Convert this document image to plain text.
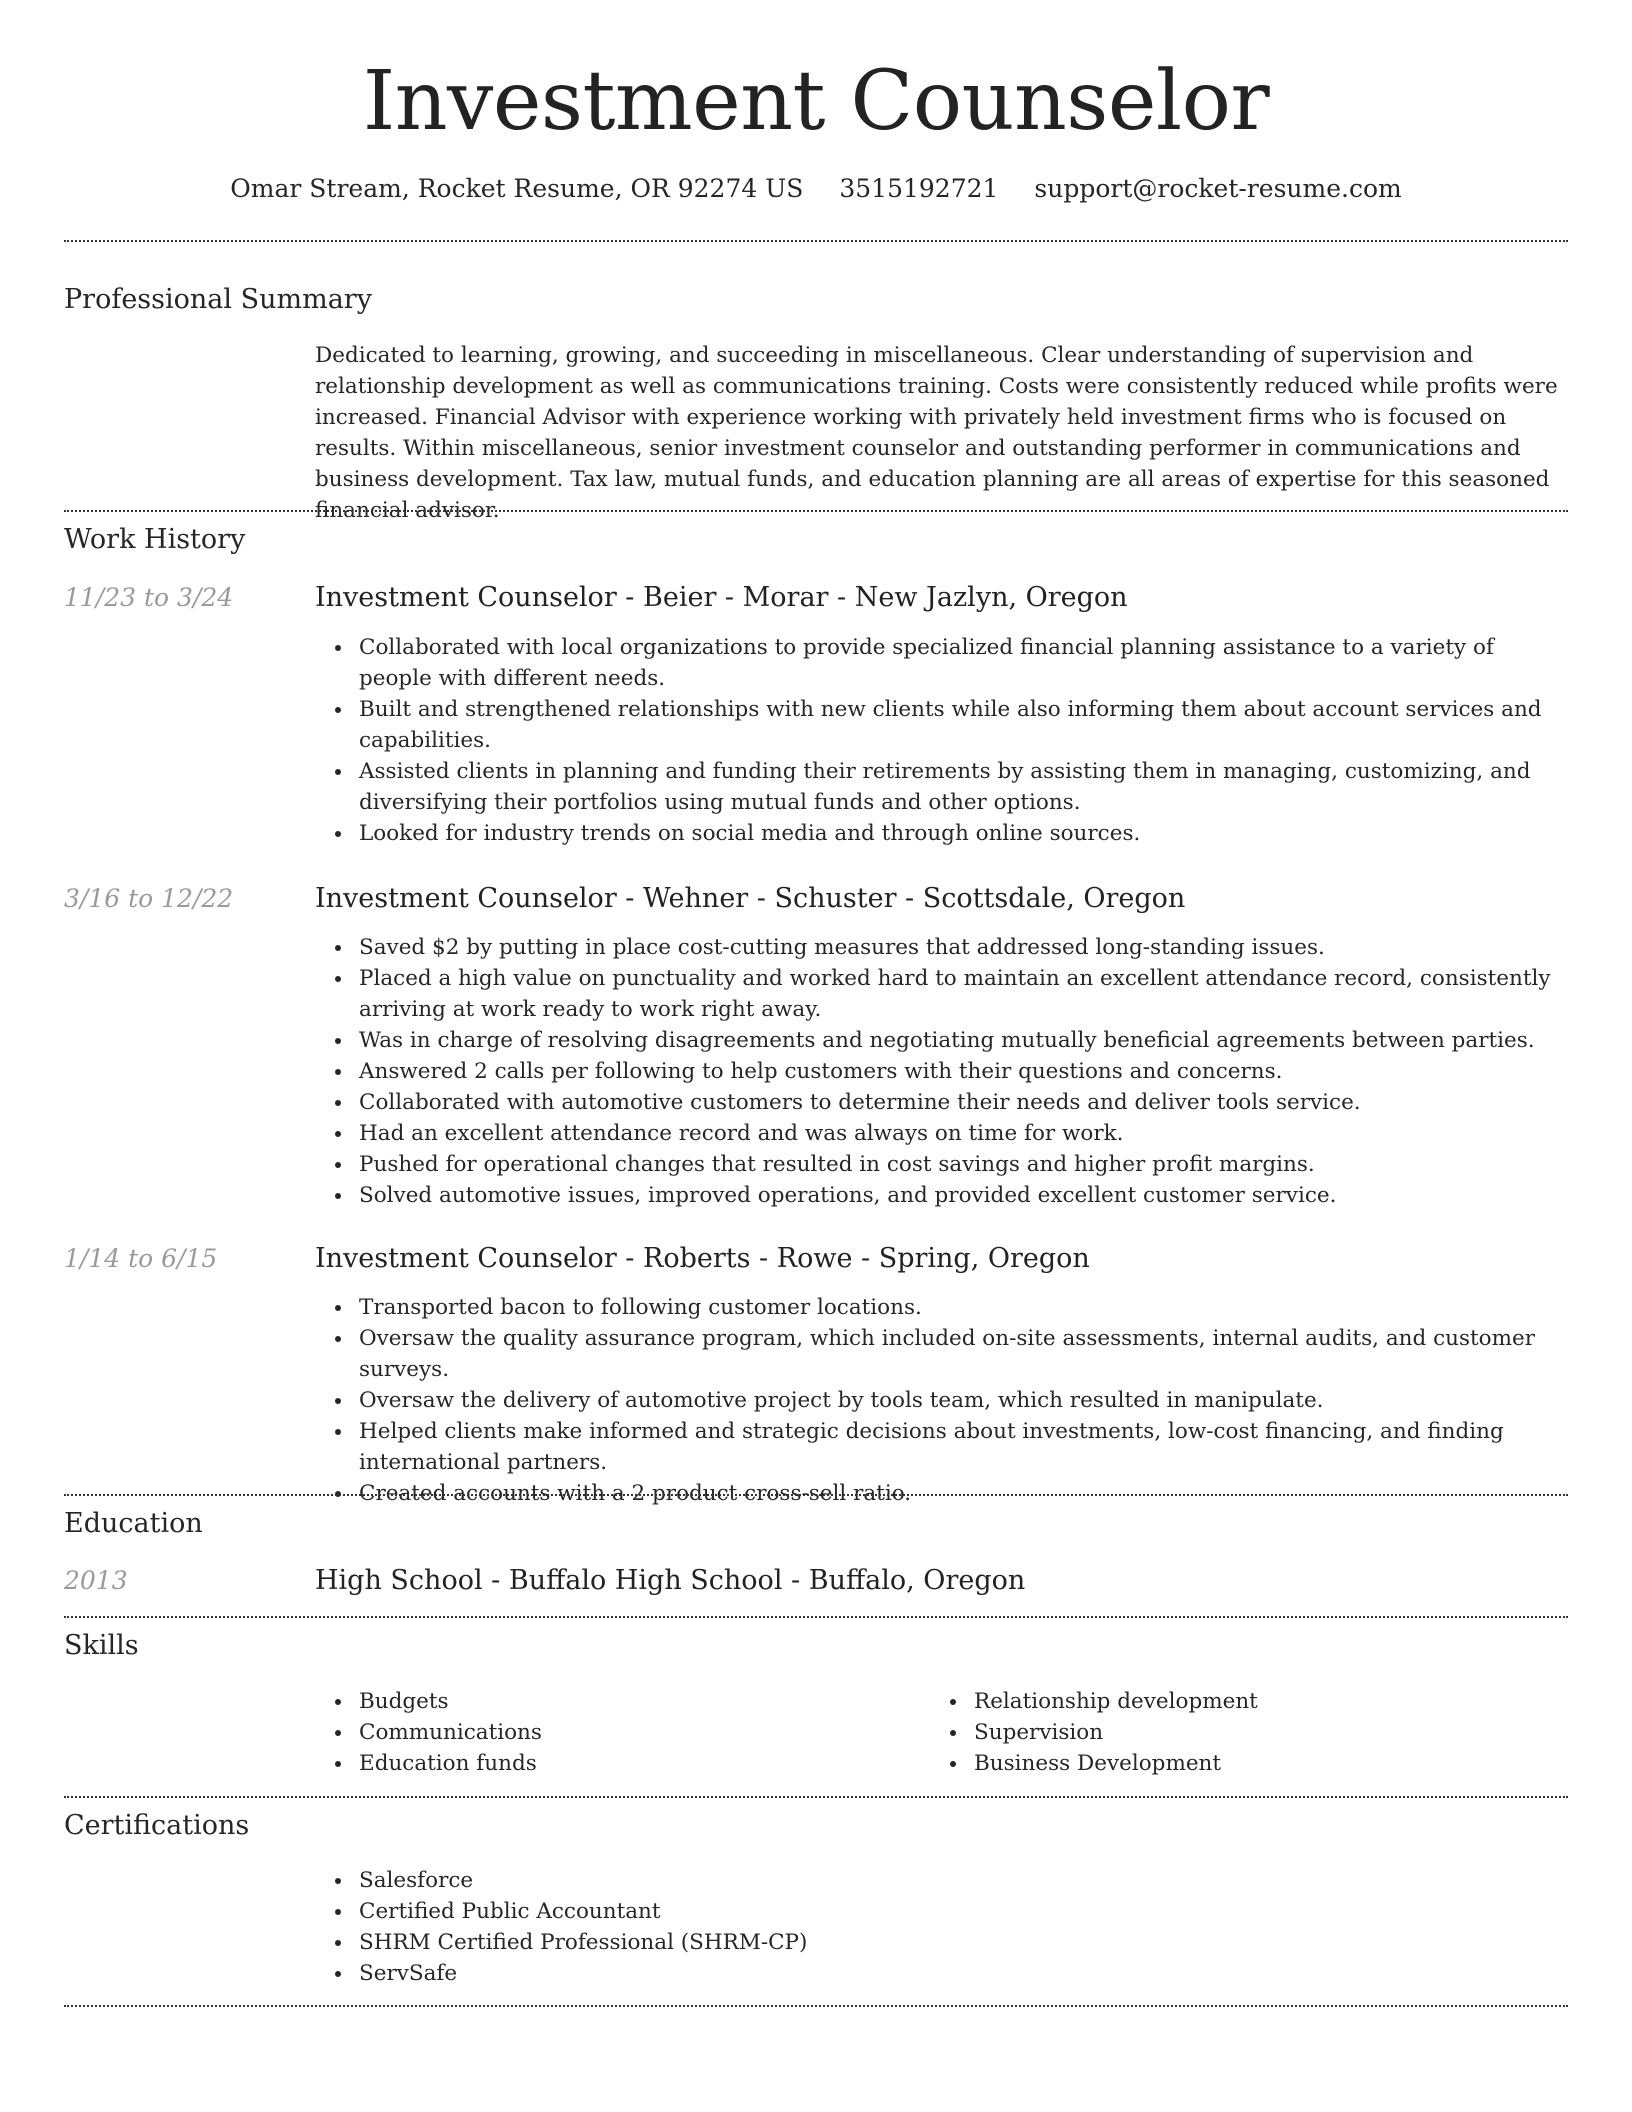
Investment Counselor
Omar Stream, Rocket Resume, OR 92274 US 3515192721 support@rocket-resume.com
Professional Summary

Dedicated to learning, growing, and succeeding in miscellaneous. Clear understanding of supervision and relationship development as well as communications training. Costs were consistently reduced while profits were increased. Financial Advisor with experience working with privately held investment firms who is focused on results. Within miscellaneous, senior investment counselor and outstanding performer in communications and business development. Tax law, mutual funds, and education planning are all areas of expertise for this seasoned financial advisor.

Work History
11/23 to 3/24	Investment Counselor - Beier - Morar - New Jazlyn, Oregon
Collaborated with local organizations to provide specialized financial planning assistance to a variety of people with different needs.
Built and strengthened relationships with new clients while also informing them about account services and capabilities.
Assisted clients in planning and funding their retirements by assisting them in managing, customizing, and diversifying their portfolios using mutual funds and other options.
Looked for industry trends on social media and through online sources.
3/16 to 12/22	Investment Counselor - Wehner - Schuster - Scottsdale, Oregon
Saved $2 by putting in place cost-cutting measures that addressed long-standing issues.
Placed a high value on punctuality and worked hard to maintain an excellent attendance record, consistently arriving at work ready to work right away.
Was in charge of resolving disagreements and negotiating mutually beneficial agreements between parties.
Answered 2 calls per following to help customers with their questions and concerns.
Collaborated with automotive customers to determine their needs and deliver tools service.
Had an excellent attendance record and was always on time for work.
Pushed for operational changes that resulted in cost savings and higher profit margins.
Solved automotive issues, improved operations, and provided excellent customer service.
1/14 to 6/15	Investment Counselor - Roberts - Rowe - Spring, Oregon
Transported bacon to following customer locations.
Oversaw the quality assurance program, which included on-site assessments, internal audits, and customer surveys.
Oversaw the delivery of automotive project by tools team, which resulted in manipulate.
Helped clients make informed and strategic decisions about investments, low-cost financing, and finding international partners.
Created accounts with a 2 product cross-sell ratio.
Education
2013	High School - Buffalo High School - Buffalo, Oregon
Skills
Budgets
Communications
Education funds
Relationship development
Supervision
Business Development
Certifications
Salesforce
Certified Public Accountant
SHRM Certified Professional (SHRM-CP)
ServSafe
